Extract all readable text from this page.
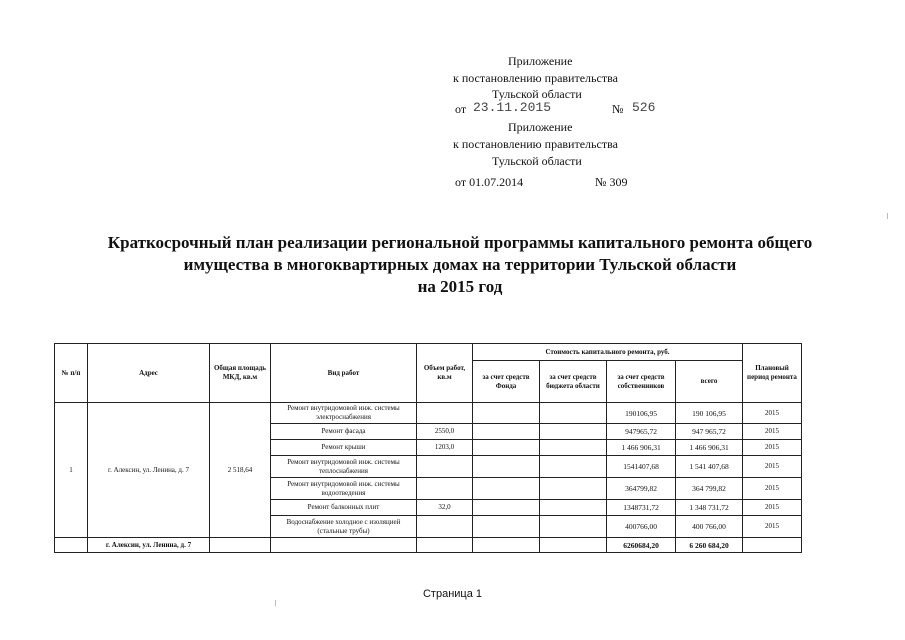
Приложение
к постановлению правительства
Тульской области
от 23.11.2015	№ 526
Приложение
к постановлению правительства
Тульской области
от 01.07.2014	№ 309
Краткосрочный план реализации региональной программы капитального ремонта общего
имущества в многоквартирных домах на территории Тульской области
на 2015 год
№ п/п	Адрес	Общая площадь МКД, кв.м	Вид работ	Объем работ, кв.м	Стоимость капитального ремонта, руб.				Плановый период ремонта
					за счет средств Фонда	за счет средств бюджета области	за счет средств собственников	всего	
1	г. Алексин, ул. Ленина, д. 7	2 518,64	Ремонт внутридомовой инж. системы электроснабжения				190106,95	190 106,95	2015
			Ремонт фасада	2550,0			947965,72	947 965,72	2015
			Ремонт крыши	1203,0			1 466 906,31	1 466 906,31	2015
			Ремонт внутридомовой инж. системы теплоснабжения				1541407,68	1 541 407,68	2015
			Ремонт внутридомовой инж. системы водоотведения				364799,82	364 799,82	2015
			Ремонт балконных плит	32,0			1348731,72	1 348 731,72	2015
			Водоснабжение холодное с изоляцией (стальные трубы)				400766,00	400 766,00	2015
	г. Алексин, ул. Ленина, д. 7						6260684,20	6 260 684,20	
Страница 1
